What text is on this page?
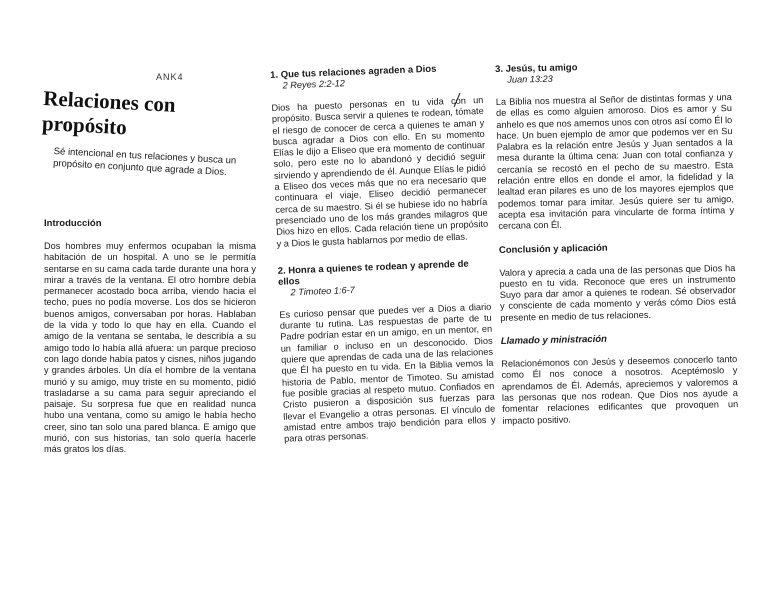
ANK4
Relaciones con propósito

Sé intencional en tus relaciones y busca un propósito en conjunto que agrade a Dios.

Introducción

Dos hombres muy enfermos ocupaban la misma habitación de un hospital. A uno se le permitía sentarse en su cama cada tarde durante una hora y mirar a través de la ventana. El otro hombre debía permanecer acostado boca arriba, viendo hacia el techo, pues no podía moverse. Los dos se hicieron buenos amigos, conversaban por horas. Hablaban de la vida y todo lo que hay en ella. Cuando el amigo de la ventana se sentaba, le describía a su amigo todo lo había allá afuera: un parque precioso con lago donde había patos y cisnes, niños jugando y grandes árboles. Un día el hombre de la ventana murió y su amigo, muy triste en su momento, pidió trasladarse a su cama para seguir apreciando el paisaje. Su sorpresa fue que en realidad nunca hubo una ventana, como su amigo le había hecho creer, sino tan solo una pared blanca. E amigo que murió, con sus historias, tan solo quería hacerle más gratos los días.

1. Que tus relaciones agraden a Dios

2 Reyes 2:2-12

Dios ha puesto personas en tu vida con un propósito. Busca servir a quienes te rodean, tómate el riesgo de conocer de cerca a quienes te aman y busca agradar a Dios con ello. En su momento Elías le dijo a Eliseo que era momento de continuar solo, pero este no lo abandonó y decidió seguir sirviendo y aprendiendo de él. Aunque Elías le pidió a Eliseo dos veces más que no era necesario que continuara el viaje, Eliseo decidió permanecer cerca de su maestro. Si él se hubiese ido no habría presenciado uno de los más grandes milagros que Dios hizo en ellos. Cada relación tiene un propósito y a Dios le gusta hablarnos por medio de ellas.

2. Honra a quienes te rodean y aprende de ellos

2 Timoteo 1:6-7

Es curioso pensar que puedes ver a Dios a diario durante tu rutina. Las respuestas de parte de tu Padre podrían estar en un amigo, en un mentor, en un familiar o incluso en un desconocido. Dios quiere que aprendas de cada una de las relaciones que Él ha puesto en tu vida. En la Biblia vemos la historia de Pablo, mentor de Timoteo. Su amistad fue posible gracias al respeto mutuo. Confiados en Cristo pusieron a disposición sus fuerzas para llevar el Evangelio a otras personas. El vínculo de amistad entre ambos trajo bendición para ellos y para otras personas.

3. Jesús, tu amigo

Juan 13:23

La Biblia nos muestra al Señor de distintas formas y una de ellas es como alguien amoroso. Dios es amor y Su anhelo es que nos amemos unos con otros así como Él lo hace. Un buen ejemplo de amor que podemos ver en Su Palabra es la relación entre Jesús y Juan sentados a la mesa durante la última cena: Juan con total confianza y cercanía se recostó en el pecho de su maestro. Esta relación entre ellos en donde el amor, la fidelidad y la lealtad eran pilares es uno de los mayores ejemplos que podemos tomar para imitar. Jesús quiere ser tu amigo, acepta esa invitación para vincularte de forma íntima y cercana con Él.

Conclusión y aplicación

Valora y aprecia a cada una de las personas que Dios ha puesto en tu vida. Reconoce que eres un instrumento Suyo para dar amor a quienes te rodean. Sé observador y consciente de cada momento y verás cómo Dios está presente en medio de tus relaciones.

Llamado y ministración

Relacionémonos con Jesús y deseemos conocerlo tanto como Él nos conoce a nosotros. Aceptémoslo y aprendamos de Él. Además, apreciemos y valoremos a las personas que nos rodean. Que Dios nos ayude a fomentar relaciones edificantes que provoquen un impacto positivo.
